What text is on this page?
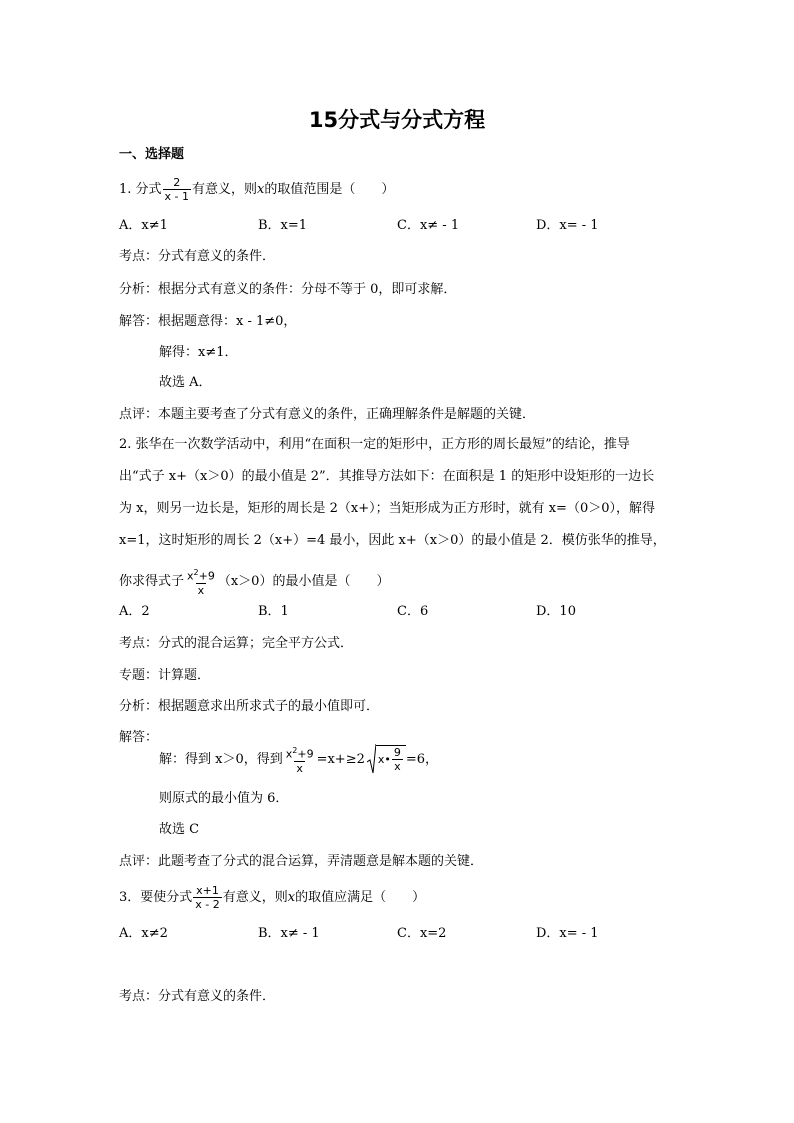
15分式与分式方程
一、选择题
1. 分式 $\frac{2}{x - 1}$ 有意义，则x的取值范围是（　　）
A．x≠1	B．x=1	C．x≠ - 1	D．x= - 1
考点：分式有意义的条件．
分析：根据分式有意义的条件：分母不等于 0，即可求解．
解答：根据题意得：x - 1≠0，
解得：x≠1．
故选 A．
点评：本题主要考查了分式有意义的条件，正确理解条件是解题的关键．
2. 张华在一次数学活动中，利用“在面积一定的矩形中，正方形的周长最短”的结论，推导
出“式子 x+（x＞0）的最小值是 2”．其推导方法如下：在面积是 1 的矩形中设矩形的一边长
为 x，则另一边长是，矩形的周长是 2（x+）；当矩形成为正方形时，就有 x=（0＞0），解得
x=1，这时矩形的周长 2（x+）=4 最小，因此 x+（x＞0）的最小值是 2．模仿张华的推导，
你求得式子 $\frac{x^2+9}{x} (x>0)$的最小值是（　　）
A．2	B．1	C．6	D．10
考点：分式的混合运算；完全平方公式．
专题：计算题．
分析：根据题意求出所求式子的最小值即可．
解答：
解：得到 x＞0，得到 $\frac{x^2+9}{x} =x+\ge 2$ x• $\frac{9}{x} =6$，
则原式的最小值为 6．
故选 C
点评：此题考查了分式的混合运算，弄清题意是解本题的关键．
3．要使分式 $\frac{x+1}{x - 2}$ 有意义，则x的取值应满足（　　）
A．x≠2	B．x≠ - 1	C．x=2	D．x= - 1
考点：分式有意义的条件．
